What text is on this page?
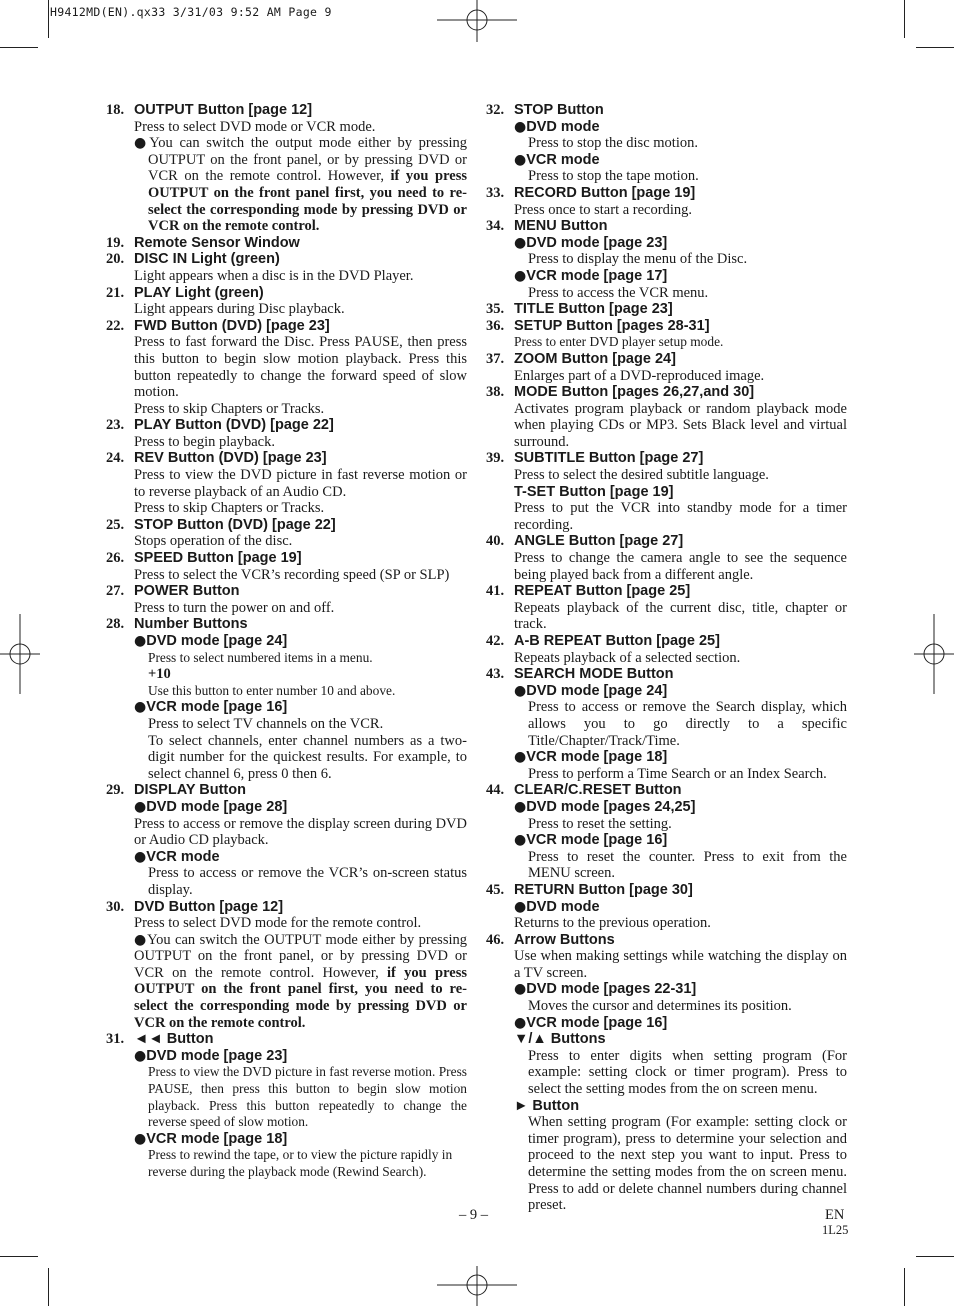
H9412MD(EN).qx33 3/31/03 9:52 AM Page 9
18. OUTPUT Button [page 12]

Press to select DVD mode or VCR mode.

●You can switch the output mode either by pressing OUTPUT on the front panel, or by pressing DVD or VCR on the remote control. However, if you press OUTPUT on the front panel first, you need to re-select the corresponding mode by pressing DVD or VCR on the remote control.

19. Remote Sensor Window
20. DISC IN Light (green)

Light appears when a disc is in the DVD Player.

21. PLAY Light (green)

Light appears during Disc playback.

22. FWD Button (DVD) [page 23]

Press to fast forward the Disc. Press PAUSE, then press this button to begin slow motion playback. Press this button repeatedly to change the forward speed of slow motion.

Press to skip Chapters or Tracks.

23. PLAY Button (DVD) [page 22]

Press to begin playback.

24. REV Button (DVD) [page 23]

Press to view the DVD picture in fast reverse motion or to reverse playback of an Audio CD.

Press to skip Chapters or Tracks.

25. STOP Button (DVD) [page 22]

Stops operation of the disc.

26. SPEED Button [page 19]

Press to select the VCR’s recording speed (SP or SLP)

27. POWER Button

Press to turn the power on and off.

28. Number Buttons
●DVD mode [page 24]

Press to select numbered items in a menu.

+10

Use this button to enter number 10 and above.

●VCR mode [page 16]

Press to select TV channels on the VCR.

To select channels, enter channel numbers as a two-digit number for the quickest results. For example, to select channel 6, press 0 then 6.

29. DISPLAY Button
●DVD mode [page 28]

Press to access or remove the display screen during DVD or Audio CD playback.

●VCR mode

Press to access or remove the VCR’s on-screen status display.

30. DVD Button [page 12]

Press to select DVD mode for the remote control.

●You can switch the OUTPUT mode either by pressing OUTPUT on the front panel, or by pressing DVD or VCR on the remote control. However, if you press OUTPUT on the front panel first, you need to re-select the corresponding mode by pressing DVD or VCR on the remote control.

31. ◄◄ Button
●DVD mode [page 23]

Press to view the DVD picture in fast reverse motion. Press PAUSE, then press this button to begin slow motion playback. Press this button repeatedly to change the reverse speed of slow motion.

●VCR mode [page 18]

Press to rewind the tape, or to view the picture rapidly in reverse during the playback mode (Rewind Search).

32. STOP Button
●DVD mode

Press to stop the disc motion.

●VCR mode

Press to stop the tape motion.

33. RECORD Button [page 19]

Press once to start a recording.

34. MENU Button
●DVD mode [page 23]

Press to display the menu of the Disc.

●VCR mode [page 17]

Press to access the VCR menu.

35. TITLE Button [page 23]
36. SETUP Button [pages 28-31]

Press to enter DVD player setup mode.

37. ZOOM Button [page 24]

Enlarges part of a DVD-reproduced image.

38. MODE Button [pages 26,27,and 30]

Activates program playback or random playback mode when playing CDs or MP3. Sets Black level and virtual surround.

39. SUBTITLE Button [page 27]

Press to select the desired subtitle language.

T-SET Button [page 19]

Press to put the VCR into standby mode for a timer recording.

40. ANGLE Button [page 27]

Press to change the camera angle to see the sequence being played back from a different angle.

41. REPEAT Button [page 25]

Repeats playback of the current disc, title, chapter or track.

42. A-B REPEAT Button [page 25]

Repeats playback of a selected section.

43. SEARCH MODE Button
●DVD mode [page 24]

Press to access or remove the Search display, which allows you to go directly to a specific Title/Chapter/Track/Time.

●VCR mode [page 18]

Press to perform a Time Search or an Index Search.

44. CLEAR/C.RESET Button
●DVD mode [pages 24,25]

Press to reset the setting.

●VCR mode [page 16]

Press to reset the counter. Press to exit from the MENU screen.

45. RETURN Button [page 30]
●DVD mode

Returns to the previous operation.

46. Arrow Buttons

Use when making settings while watching the display on a TV screen.

●DVD mode [pages 22-31]

Moves the cursor and determines its position.

●VCR mode [page 16]
▼/▲ Buttons

Press to enter digits when setting program (For example: setting clock or timer program). Press to select the setting modes from the on screen menu.

► Button

When setting program (For example: setting clock or timer program), press to determine your selection and proceed to the next step you want to input. Press to determine the setting modes from the on screen menu. Press to add or delete channel numbers during channel preset.

– 9 –	EN
1L25
